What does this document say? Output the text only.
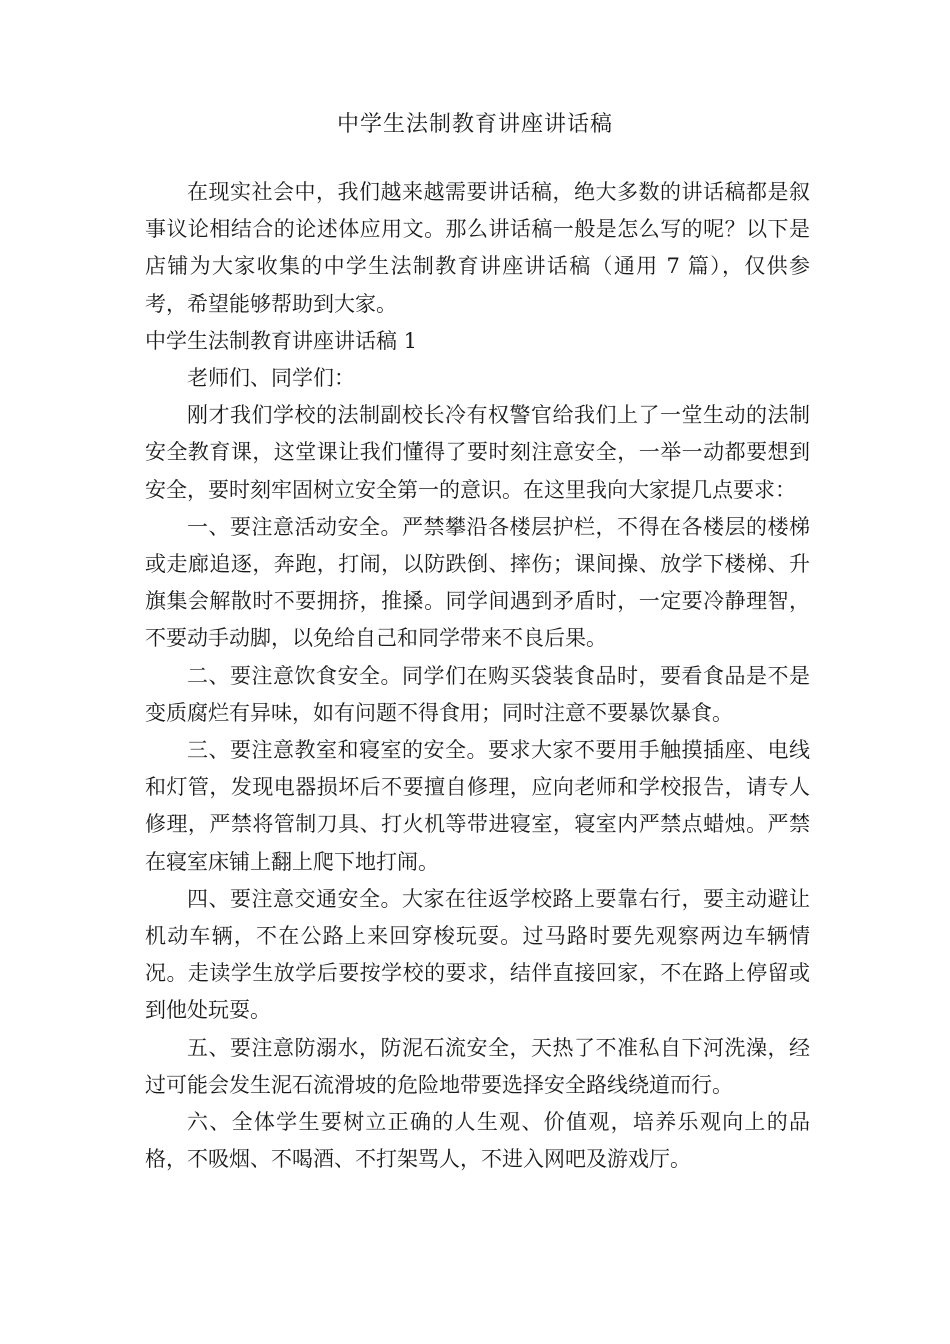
中学生法制教育讲座讲话稿

在现实社会中，我们越来越需要讲话稿，绝大多数的讲话稿都是叙事议论相结合的论述体应用文。那么讲话稿一般是怎么写的呢？以下是店铺为大家收集的中学生法制教育讲座讲话稿（通用 7 篇），仅供参考，希望能够帮助到大家。

中学生法制教育讲座讲话稿 1

老师们、同学们：

刚才我们学校的法制副校长冷有权警官给我们上了一堂生动的法制安全教育课，这堂课让我们懂得了要时刻注意安全，一举一动都要想到安全，要时刻牢固树立安全第一的意识。在这里我向大家提几点要求：

一、要注意活动安全。严禁攀沿各楼层护栏，不得在各楼层的楼梯或走廊追逐，奔跑，打闹，以防跌倒、摔伤；课间操、放学下楼梯、升旗集会解散时不要拥挤，推搡。同学间遇到矛盾时，一定要冷静理智，不要动手动脚，以免给自己和同学带来不良后果。

二、要注意饮食安全。同学们在购买袋装食品时，要看食品是不是变质腐烂有异味，如有问题不得食用；同时注意不要暴饮暴食。

三、要注意教室和寝室的安全。要求大家不要用手触摸插座、电线和灯管，发现电器损坏后不要擅自修理，应向老师和学校报告，请专人修理，严禁将管制刀具、打火机等带进寝室，寝室内严禁点蜡烛。严禁在寝室床铺上翻上爬下地打闹。

四、要注意交通安全。大家在往返学校路上要靠右行，要主动避让机动车辆，不在公路上来回穿梭玩耍。过马路时要先观察两边车辆情况。走读学生放学后要按学校的要求，结伴直接回家，不在路上停留或到他处玩耍。

五、要注意防溺水，防泥石流安全，天热了不准私自下河洗澡，经过可能会发生泥石流滑坡的危险地带要选择安全路线绕道而行。

六、全体学生要树立正确的人生观、价值观，培养乐观向上的品格，不吸烟、不喝酒、不打架骂人，不进入网吧及游戏厅。
